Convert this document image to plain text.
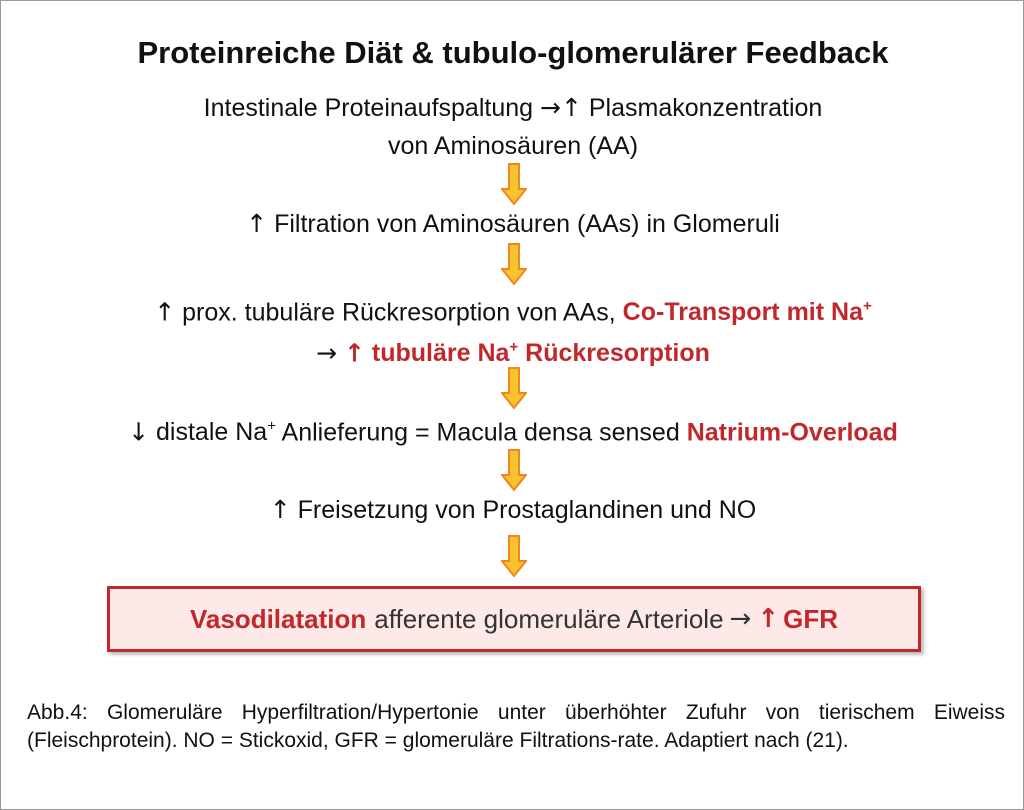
Proteinreiche Diät & tubulo-glomerulärer Feedback
Intestinale Proteinaufspaltung →↑ Plasmakonzentration
von Aminosäuren (AA)
↑ Filtration von Aminosäuren (AAs) in Glomeruli
↑ prox. tubuläre Rückresorption von AAs, Co-Transport mit Na+
→ ↑ tubuläre Na+ Rückresorption
↓ distale Na+ Anlieferung = Macula densa sensed Natrium-Overload
↑ Freisetzung von Prostaglandinen und NO
Vasodilatation afferente glomeruläre Arteriole → ↑ GFR
Abb.4: Glomeruläre Hyperfiltration/Hypertonie unter überhöhter Zufuhr von tierischem Eiweiss (Fleischprotein). NO = Stickoxid, GFR = glomeruläre Filtrations-rate. Adaptiert nach (21).
